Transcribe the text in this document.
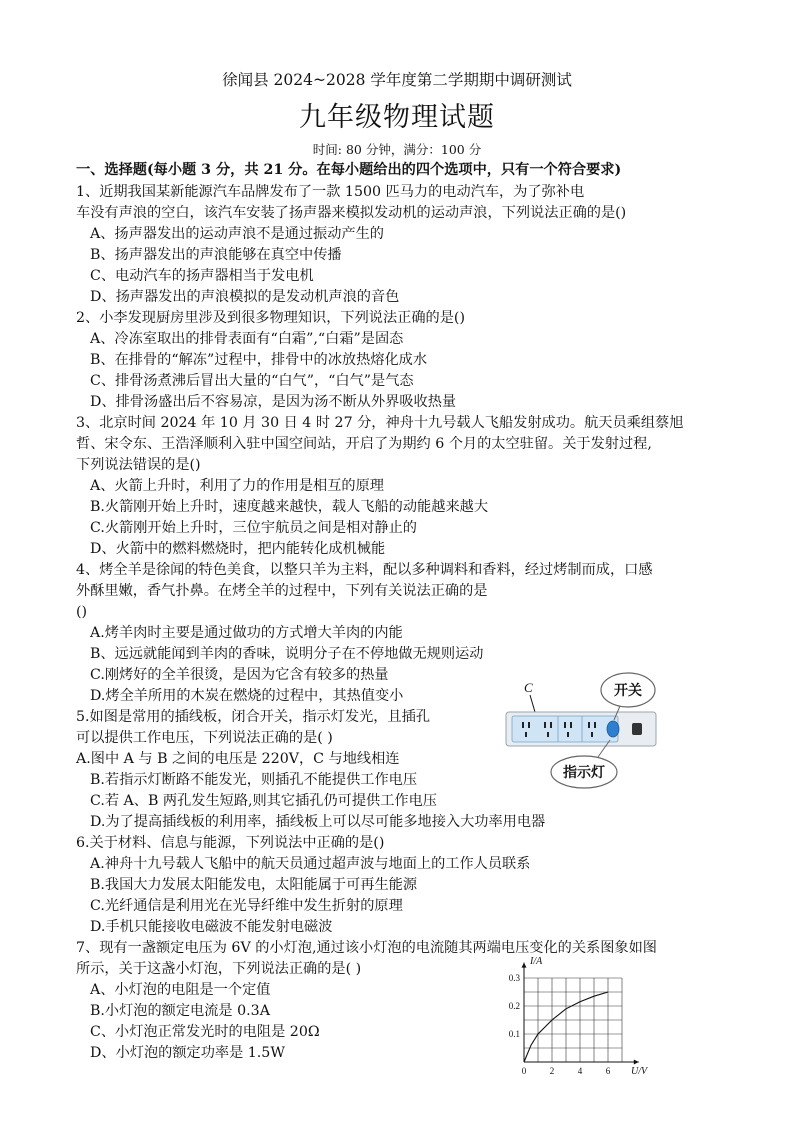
徐闻县 2024~2028 学年度第二学期期中调研测试
九年级物理试题
时间: 80 分钟，满分：100 分
一、选择题(每小题 3 分，共 21 分。在每小题给出的四个选项中，只有一个符合要求)
1、近期我国某新能源汽车品牌发布了一款 1500 匹马力的电动汽车，为了弥补电
车没有声浪的空白，该汽车安装了扬声器来模拟发动机的运动声浪，下列说法正确的是()
A、扬声器发出的运动声浪不是通过振动产生的
B、扬声器发出的声浪能够在真空中传播
C、电动汽车的扬声器相当于发电机
D、扬声器发出的声浪模拟的是发动机声浪的音色
2、小李发现厨房里涉及到很多物理知识，下列说法正确的是()
A、冷冻室取出的排骨表面有“白霜”,“白霜”是固态
B、在排骨的“解冻”过程中，排骨中的冰放热熔化成水
C、排骨汤煮沸后冒出大量的“白气”，“白气”是气态
D、排骨汤盛出后不容易凉，是因为汤不断从外界吸收热量
3、北京时间 2024 年 10 月 30 日 4 时 27 分，神舟十九号载人飞船发射成功。航天员乘组蔡旭
哲、宋令东、王浩泽顺利入驻中国空间站，开启了为期约 6 个月的太空驻留。关于发射过程,
下列说法错误的是()
A、火箭上升时，利用了力的作用是相互的原理
B.火箭刚开始上升时，速度越来越快，载人飞船的动能越来越大
C.火箭刚开始上升时，三位宇航员之间是相对静止的
D、火箭中的燃料燃烧时，把内能转化成机械能
4、烤全羊是徐闻的特色美食，以整只羊为主料，配以多种调料和香料，经过烤制而成，口感
外酥里嫩，香气扑鼻。在烤全羊的过程中，下列有关说法正确的是
()
A.烤羊肉时主要是通过做功的方式增大羊肉的内能
B、远远就能闻到羊肉的香味，说明分子在不停地做无规则运动
C.刚烤好的全羊很烫，是因为它含有较多的热量
D.烤全羊所用的木炭在燃烧的过程中，其热值变小
5.如图是常用的插线板，闭合开关，指示灯发光，且插孔
可以提供工作电压，下列说法正确的是( )
A.图中 A 与 B 之间的电压是 220V，C 与地线相连
B.若指示灯断路不能发光，则插孔不能提供工作电压
C.若 A、B 两孔发生短路,则其它插孔仍可提供工作电压
D.为了提高插线板的利用率，插线板上可以尽可能多地接入大功率用电器
6.关于材料、信息与能源，下列说法中正确的是()
A.神舟十九号载人飞船中的航天员通过超声波与地面上的工作人员联系
B.我国大力发展太阳能发电，太阳能属于可再生能源
C.光纤通信是利用光在光导纤维中发生折射的原理
D.手机只能接收电磁波不能发射电磁波
7、现有一盏额定电压为 6V 的小灯泡,通过该小灯泡的电流随其两端电压变化的关系图象如图
所示，关于这盏小灯泡，下列说法正确的是( )
A、小灯泡的电阻是一个定值
B.小灯泡的额定电流是 0.3A
C、小灯泡正常发光时的电阻是 20Ω
D、小灯泡的额定功率是 1.5W
C	开关
指示灯
0	2	4	6
0.1
0.2
0.3
I/A
U/V
